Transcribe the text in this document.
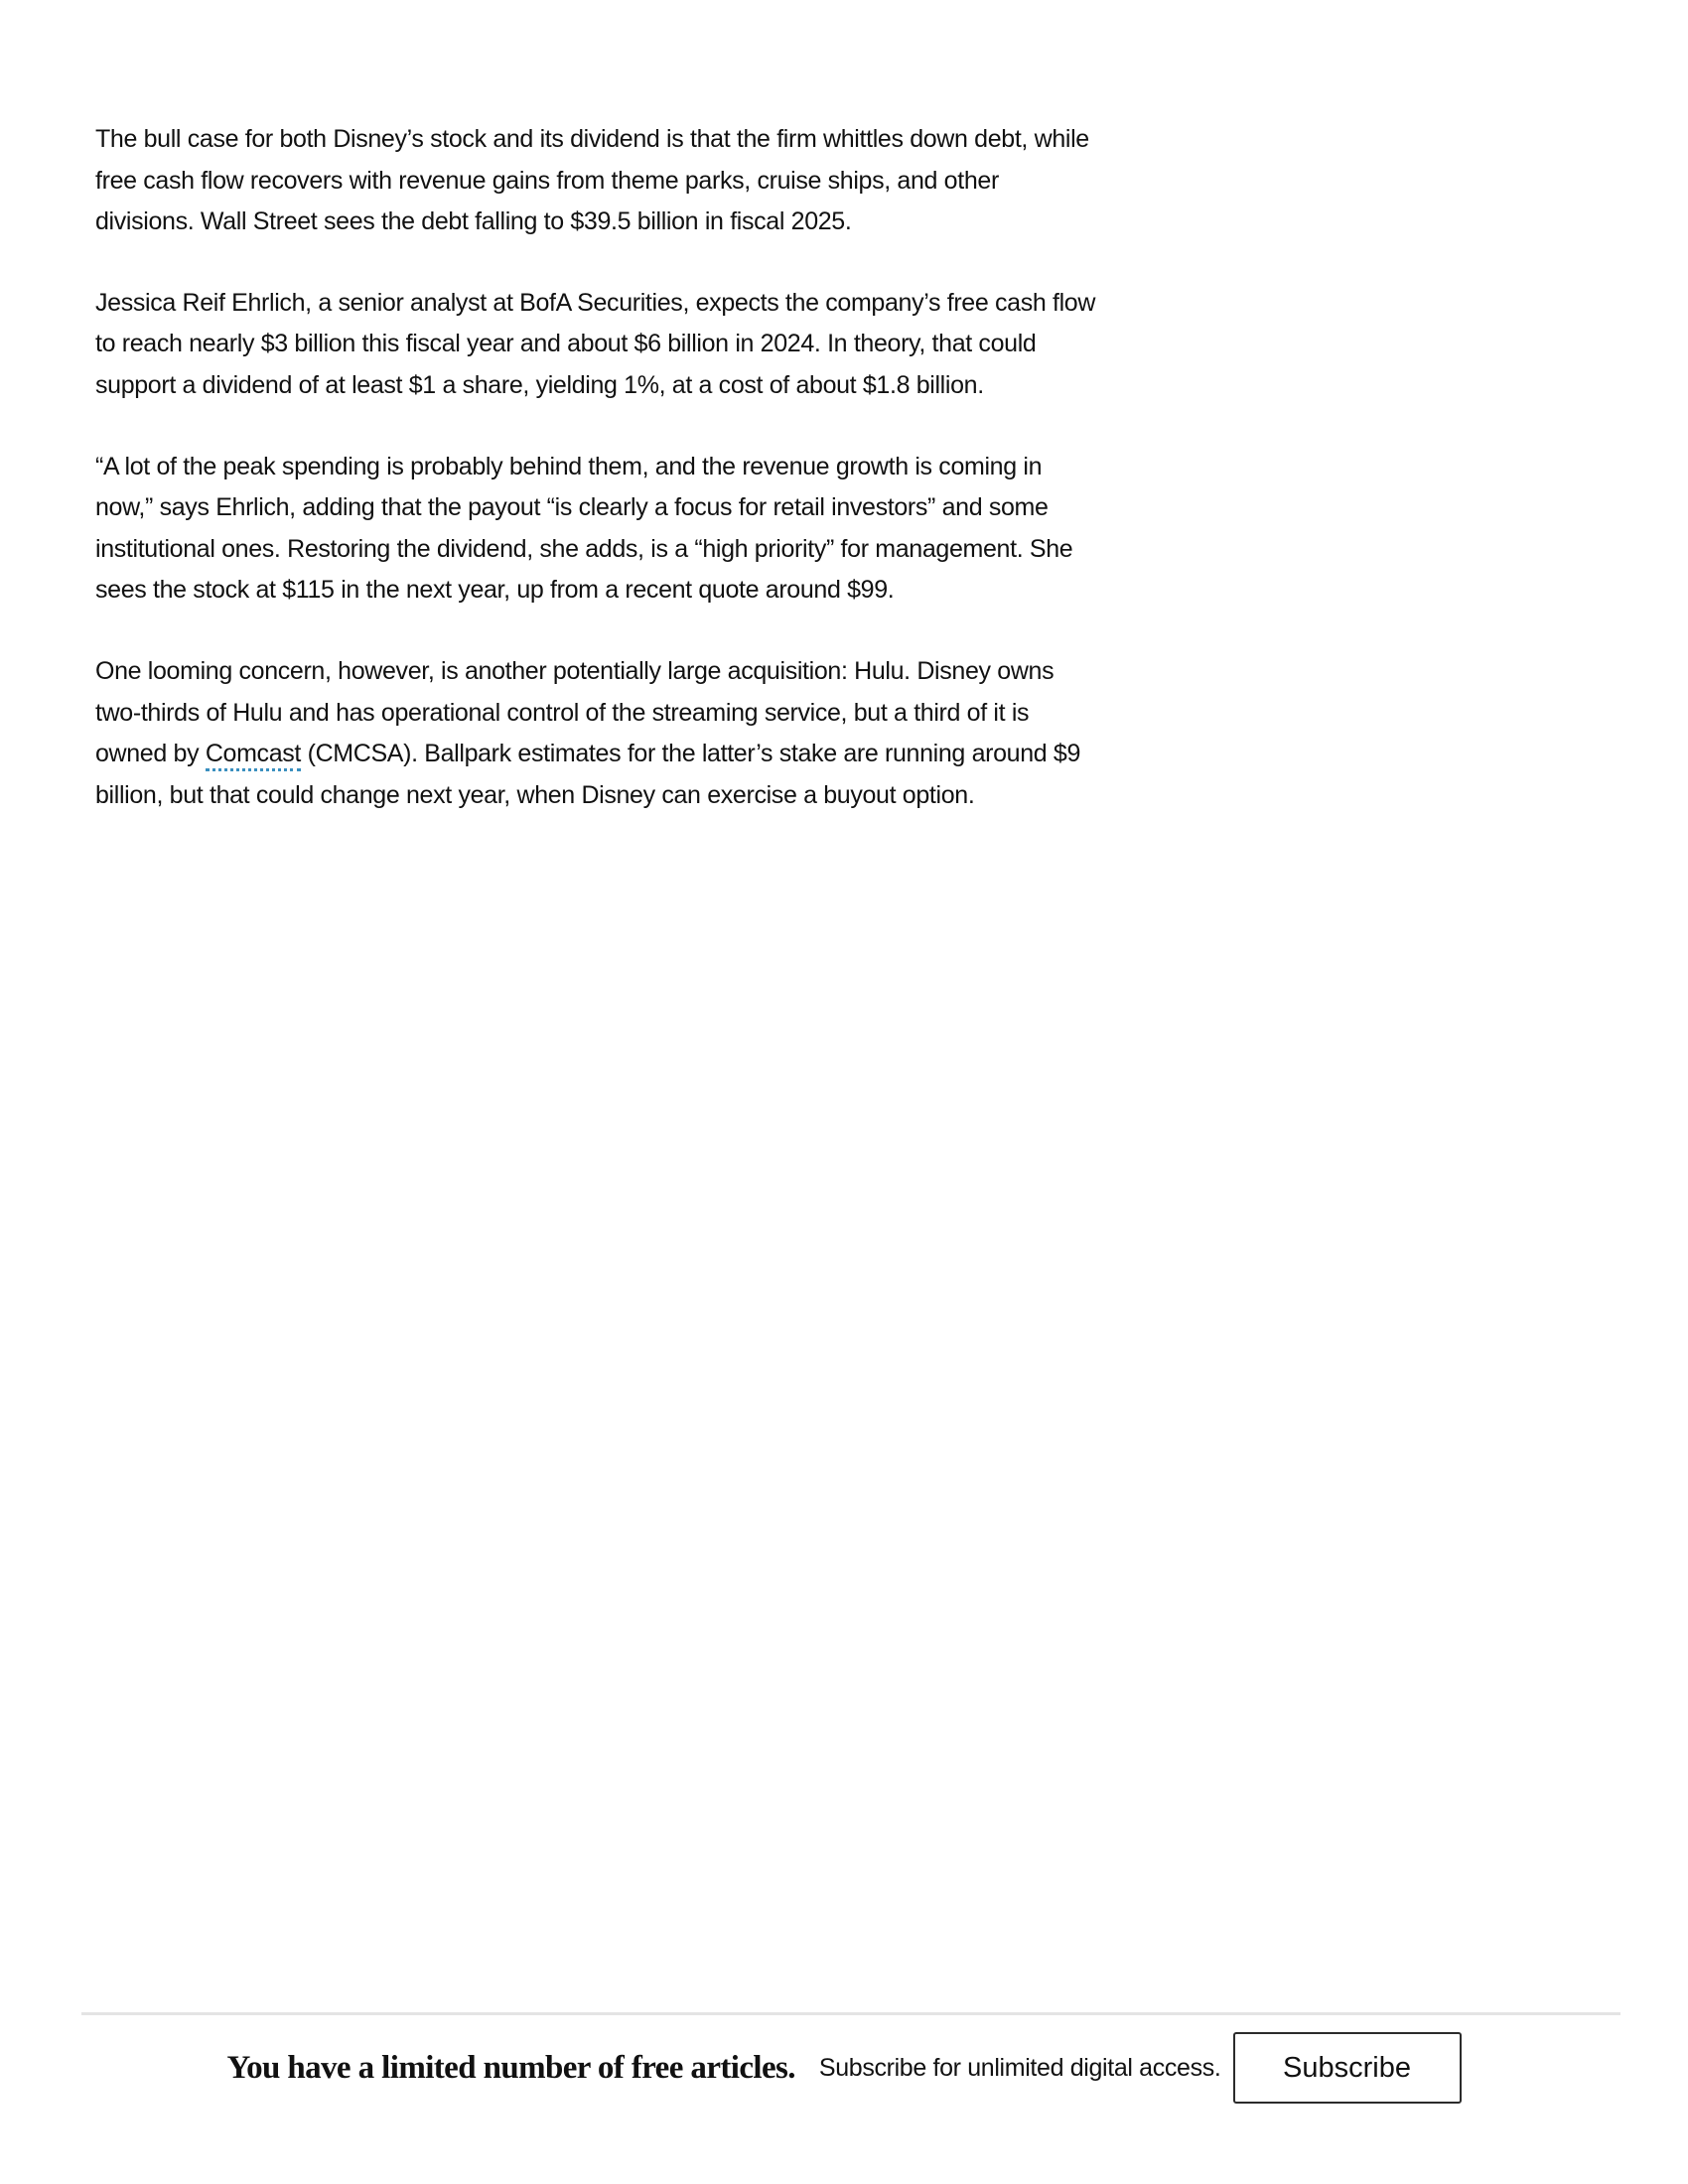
The bull case for both Disney’s stock and its dividend is that the firm whittles down debt, while free cash flow recovers with revenue gains from theme parks, cruise ships, and other divisions. Wall Street sees the debt falling to $39.5 billion in fiscal 2025.

Jessica Reif Ehrlich, a senior analyst at BofA Securities, expects the company’s free cash flow to reach nearly $3 billion this fiscal year and about $6 billion in 2024. In theory, that could support a dividend of at least $1 a share, yielding 1%, at a cost of about $1.8 billion.

“A lot of the peak spending is probably behind them, and the revenue growth is coming in now,” says Ehrlich, adding that the payout “is clearly a focus for retail investors” and some institutional ones. Restoring the dividend, she adds, is a “high priority” for management. She sees the stock at $115 in the next year, up from a recent quote around $99.

One looming concern, however, is another potentially large acquisition: Hulu. Disney owns two-thirds of Hulu and has operational control of the streaming service, but a third of it is owned by Comcast (CMCSA). Ballpark estimates for the latter’s stake are running around $9 billion, but that could change next year, when Disney can exercise a buyout option.

You have a limited number of free articles. Subscribe for unlimited digital access.	Subscribe
